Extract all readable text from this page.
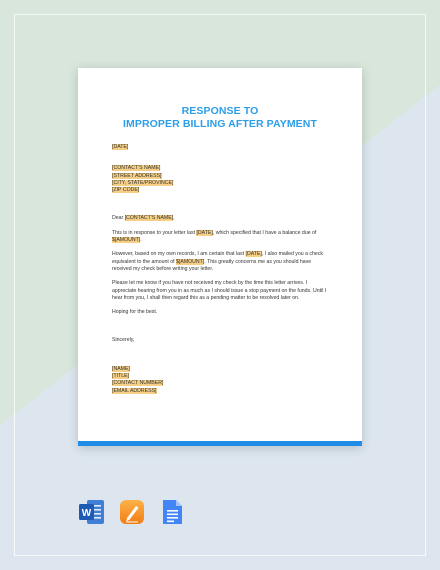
RESPONSE TO
IMPROPER BILLING AFTER PAYMENT

[DATE]

[CONTACT'S NAME]

[STREET ADDRESS]

[CITY, STATE/PROVINCE]

[ZIP CODE]

Dear [CONTACT'S NAME],

This is in response to your letter last [DATE], which specified that I have a balance due of $[AMOUNT].

However, based on my own records, I am certain that last [DATE], I also mailed you a check equivalent to the amount of $[AMOUNT]. This greatly concerns me as you should have received my check before writing your letter.

Please let me know if you have not received my check by the time this letter arrives. I appreciate hearing from you in as much as I should issue a stop payment on the funds. Until I hear from you, I shall then regard this as a pending matter to be resolved later on.

Hoping for the best.

Sincerely,

[NAME]

[TITLE]

[CONTACT NUMBER]

[EMAIL ADDRESS]

W
